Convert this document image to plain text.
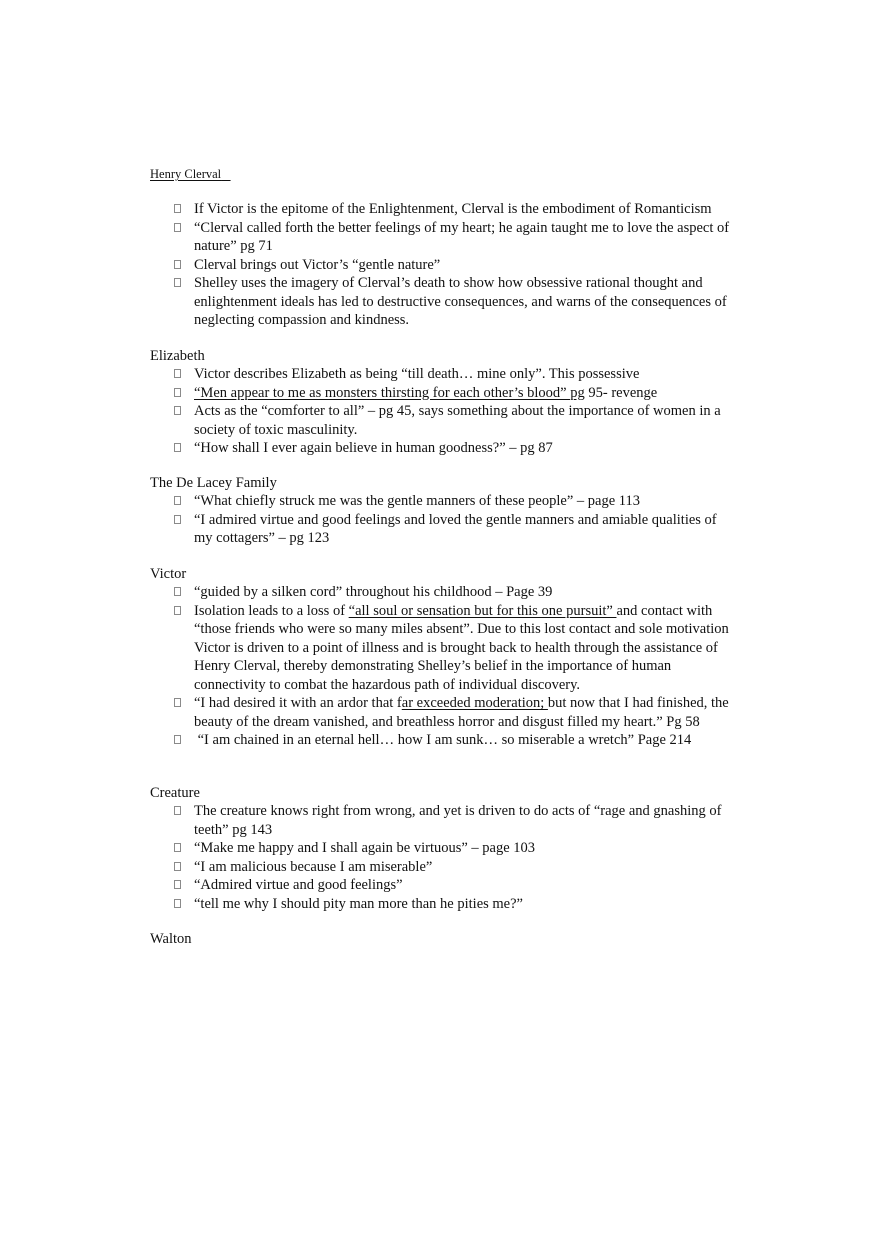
Henry Clerval

If Victor is the epitome of the Enlightenment, Clerval is the embodiment of Romanticism
“Clerval called forth the better feelings of my heart; he again taught me to love the aspect of nature” pg 71
Clerval brings out Victor’s “gentle nature”
Shelley uses the imagery of Clerval’s death to show how obsessive rational thought and enlightenment ideals has led to destructive consequences, and warns of the consequences of neglecting compassion and kindness.

Elizabeth

Victor describes Elizabeth as being “till death… mine only”. This possessive
“Men appear to me as monsters thirsting for each other’s blood” pg 95- revenge
Acts as the “comforter to all” – pg 45, says something about the importance of women in a society of toxic masculinity.
“How shall I ever again believe in human goodness?” – pg 87

The De Lacey Family

“What chiefly struck me was the gentle manners of these people” – page 113
“I admired virtue and good feelings and loved the gentle manners and amiable qualities of my cottagers” – pg 123

Victor

“guided by a silken cord” throughout his childhood – Page 39
Isolation leads to a loss of “all soul or sensation but for this one pursuit” and contact with “those friends who were so many miles absent”. Due to this lost contact and sole motivation Victor is driven to a point of illness and is brought back to health through the assistance of Henry Clerval, thereby demonstrating Shelley’s belief in the importance of human connectivity to combat the hazardous path of individual discovery.
“I had desired it with an ardor that far exceeded moderation; but now that I had finished, the beauty of the dream vanished, and breathless horror and disgust filled my heart.” Pg 58
“I am chained in an eternal hell… how I am sunk… so miserable a wretch” Page 214

Creature

The creature knows right from wrong, and yet is driven to do acts of “rage and gnashing of teeth” pg 143
“Make me happy and I shall again be virtuous” – page 103
“I am malicious because I am miserable”
“Admired virtue and good feelings”
“tell me why I should pity man more than he pities me?”

Walton
